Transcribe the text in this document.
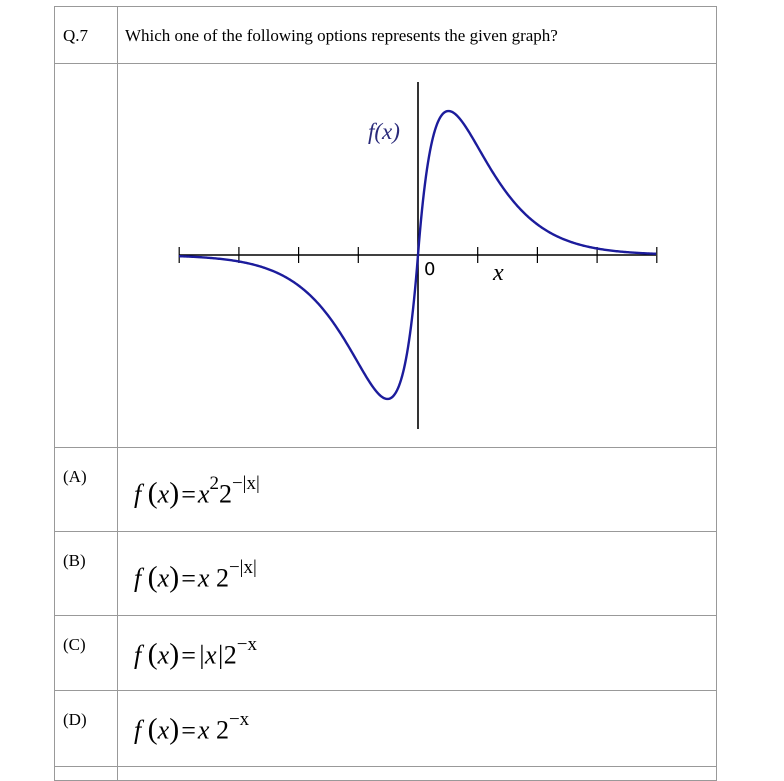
Q.7	Which one of the following options represents the given graph?

f(x)
0 x

(A)	f $(x)=x^22^{-|x|}$

(B)	f (x)=x $2^{-|x|}$

(C)	f $(x)=|x|2^{-x}$

(D)	f (x)=x $2^{-x}$
